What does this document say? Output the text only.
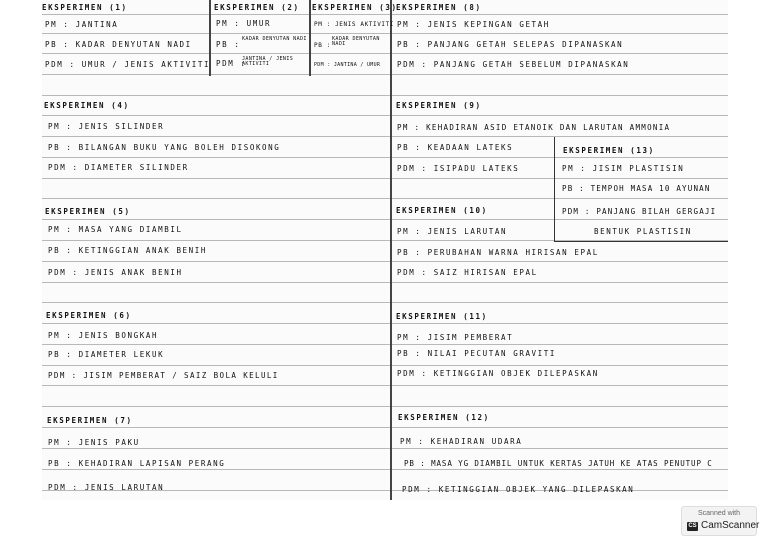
EKSPERIMEN (1)
PM : JANTINA
PB : KADAR DENYUTAN NADI
PDM : UMUR / JENIS AKTIVITI
EKSPERIMEN (2)
PM : UMUR
PB :
KADAR DENYUTAN NADI
PDM :
JANTINA / JENIS AKTIVITI
EKSPERIMEN (3)
PM : JENIS AKTIVITI
PB :
KADAR DENYUTAN NADI
PDM : JANTINA / UMUR
EKSPERIMEN (8)
PM : JENIS KEPINGAN GETAH
PB : PANJANG GETAH SELEPAS DIPANASKAN
PDM : PANJANG GETAH SEBELUM DIPANASKAN
EKSPERIMEN (4)
PM : JENIS SILINDER
PB : BILANGAN BUKU YANG BOLEH DISOKONG
PDM : DIAMETER SILINDER
EKSPERIMEN (9)
PM : KEHADIRAN ASID ETANOIK DAN LARUTAN AMMONIA
PB : KEADAAN LATEKS
PDM : ISIPADU LATEKS
EKSPERIMEN (13)
PM : JISIM PLASTISIN
PB : TEMPOH MASA 10 AYUNAN
PDM : PANJANG BILAH GERGAJI
BENTUK PLASTISIN
EKSPERIMEN (5)
PM : MASA YANG DIAMBIL
PB : KETINGGIAN ANAK BENIH
PDM : JENIS ANAK BENIH
EKSPERIMEN (10)
PM : JENIS LARUTAN
PB : PERUBAHAN WARNA HIRISAN EPAL
PDM : SAIZ HIRISAN EPAL
EKSPERIMEN (6)
PM : JENIS BONGKAH
PB : DIAMETER LEKUK
PDM : JISIM PEMBERAT / SAIZ BOLA KELULI
EKSPERIMEN (11)
PM : JISIM PEMBERAT
PB : NILAI PECUTAN GRAVITI
PDM : KETINGGIAN OBJEK DILEPASKAN
EKSPERIMEN (7)
PM : JENIS PAKU
PB : KEHADIRAN LAPISAN PERANG
PDM : JENIS LARUTAN
EKSPERIMEN (12)
PM : KEHADIRAN UDARA
PB : MASA YG DIAMBIL UNTUK KERTAS JATUH KE ATAS PENUTUP C
PDM : KETINGGIAN OBJEK YANG DILEPASKAN
Scanned with
CS CamScanner
